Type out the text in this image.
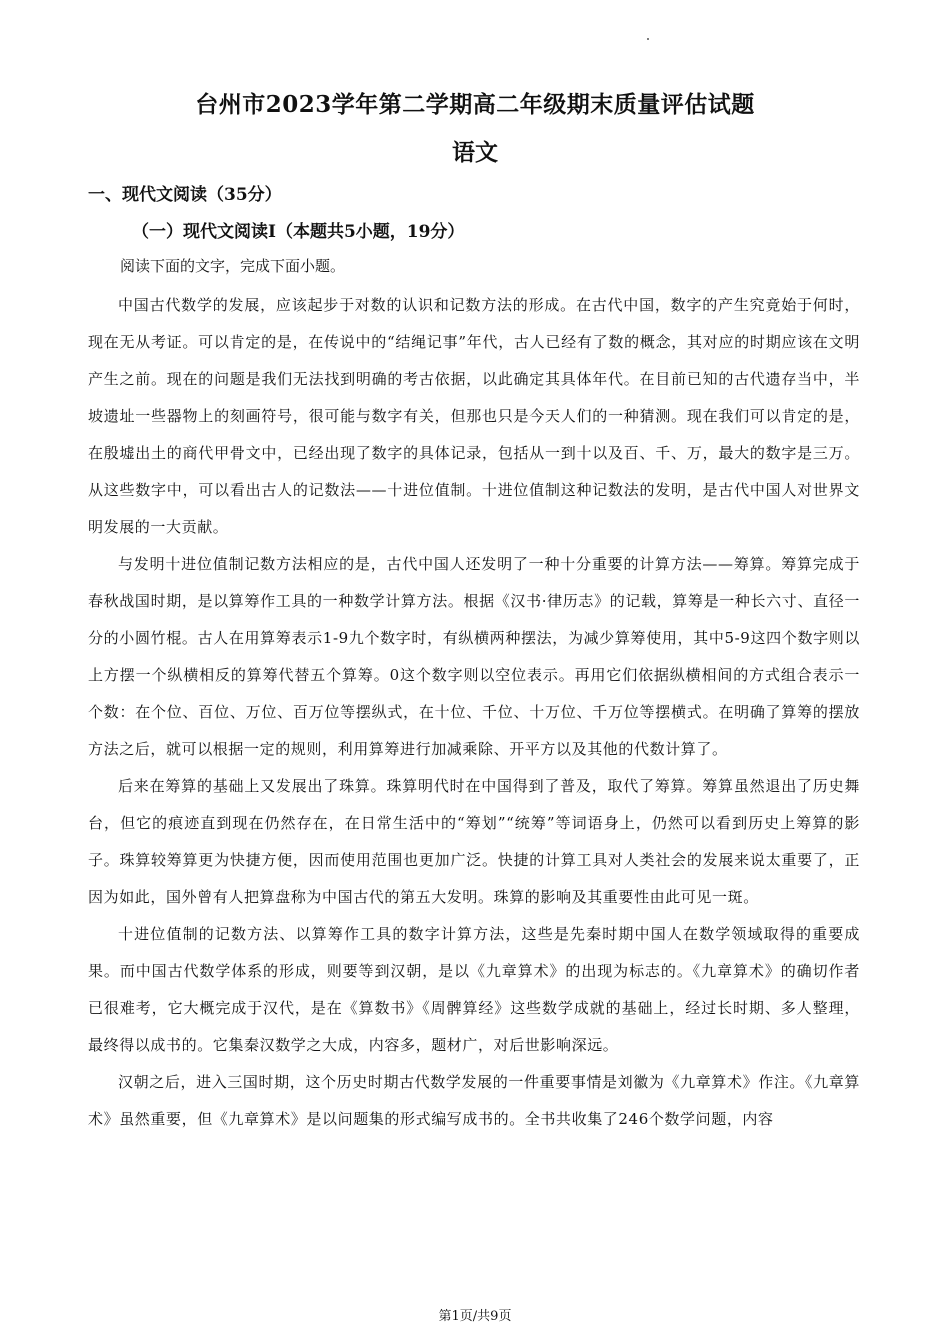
台州市2023学年第二学期高二年级期末质量评估试题
语文
一、现代文阅读（35分）
（一）现代文阅读Ⅰ（本题共5小题，19分）

阅读下面的文字，完成下面小题。

中国古代数学的发展，应该起步于对数的认识和记数方法的形成。在古代中国，数字的产生究竟始于何时，现在无从考证。可以肯定的是，在传说中的“结绳记事”年代，古人已经有了数的概念，其对应的时期应该在文明产生之前。现在的问题是我们无法找到明确的考古依据，以此确定其具体年代。在目前已知的古代遗存当中，半坡遗址一些器物上的刻画符号，很可能与数字有关，但那也只是今天人们的一种猜测。现在我们可以肯定的是，在殷墟出土的商代甲骨文中，已经出现了数字的具体记录，包括从一到十以及百、千、万，最大的数字是三万。从这些数字中，可以看出古人的记数法——十进位值制。十进位值制这种记数法的发明，是古代中国人对世界文明发展的一大贡献。

与发明十进位值制记数方法相应的是，古代中国人还发明了一种十分重要的计算方法——筹算。筹算完成于春秋战国时期，是以算筹作工具的一种数学计算方法。根据《汉书·律历志》的记载，算筹是一种长六寸、直径一分的小圆竹棍。古人在用算筹表示1-9九个数字时，有纵横两种摆法，为减少算筹使用，其中5-9这四个数字则以上方摆一个纵横相反的算筹代替五个算筹。0这个数字则以空位表示。再用它们依据纵横相间的方式组合表示一个数：在个位、百位、万位、百万位等摆纵式，在十位、千位、十万位、千万位等摆横式。在明确了算筹的摆放方法之后，就可以根据一定的规则，利用算筹进行加减乘除、开平方以及其他的代数计算了。

后来在筹算的基础上又发展出了珠算。珠算明代时在中国得到了普及，取代了筹算。筹算虽然退出了历史舞台，但它的痕迹直到现在仍然存在，在日常生活中的“筹划”“统筹”等词语身上，仍然可以看到历史上筹算的影子。珠算较筹算更为快捷方便，因而使用范围也更加广泛。快捷的计算工具对人类社会的发展来说太重要了，正因为如此，国外曾有人把算盘称为中国古代的第五大发明。珠算的影响及其重要性由此可见一斑。

十进位值制的记数方法、以算筹作工具的数字计算方法，这些是先秦时期中国人在数学领域取得的重要成果。而中国古代数学体系的形成，则要等到汉朝，是以《九章算术》的出现为标志的。《九章算术》的确切作者已很难考，它大概完成于汉代，是在《算数书》《周髀算经》这些数学成就的基础上，经过长时期、多人整理，最终得以成书的。它集秦汉数学之大成，内容多，题材广，对后世影响深远。

汉朝之后，进入三国时期，这个历史时期古代数学发展的一件重要事情是刘徽为《九章算术》作注。《九章算术》虽然重要，但《九章算术》是以问题集的形式编写成书的。全书共收集了246个数学问题，内容

第1页/共9页
